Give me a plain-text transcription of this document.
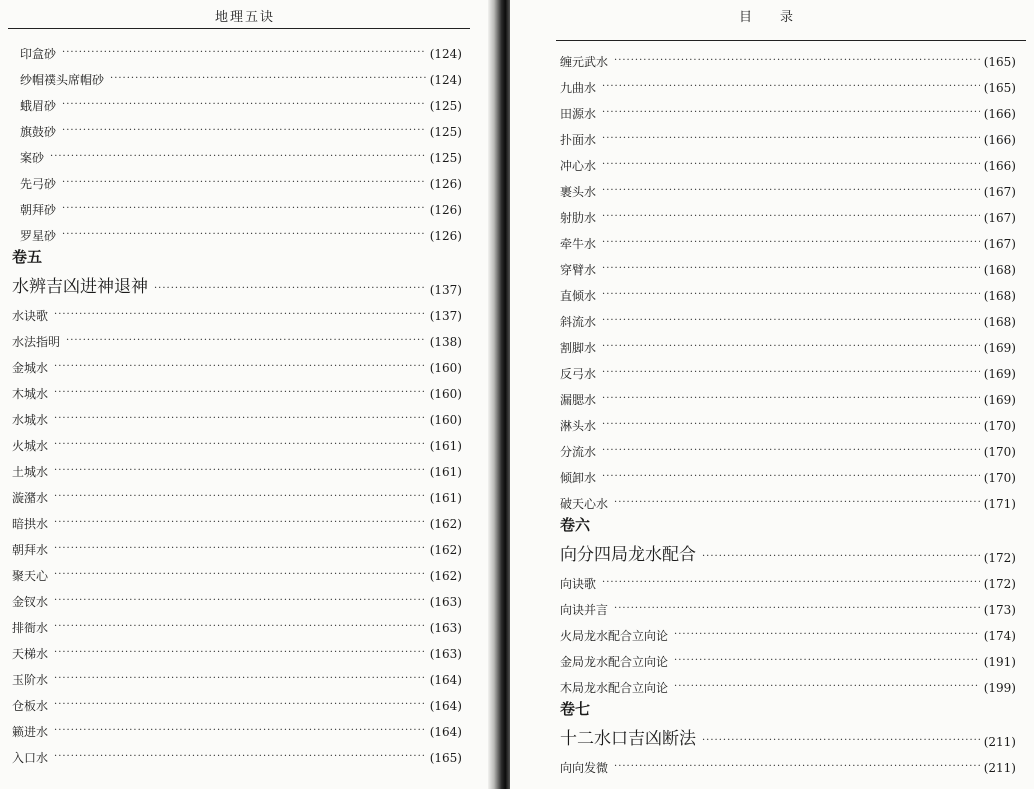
地理五诀
印盒砂 ·····	(124)
纱帽襆头席帽砂 ·····	(124)
蛾眉砂 ·····	(125)
旗鼓砂 ·····	(125)
案砂 ·····	(125)
先弓砂 ·····	(126)
朝拜砂 ·····	(126)
罗星砂 ·····	(126)
卷五
水辨吉凶进神退神 ·····	(137)
水诀歌 ·····	(137)
水法指明 ·····	(138)
金城水 ·····	(160)
木城水 ·····	(160)
水城水 ·····	(160)
火城水 ·····	(161)
土城水 ·····	(161)
漩潴水 ·····	(161)
暗拱水 ·····	(162)
朝拜水 ·····	(162)
聚天心 ·····	(162)
金钗水 ·····	(163)
排衙水 ·····	(163)
天梯水 ·····	(163)
玉阶水 ·····	(164)
仓板水 ·····	(164)
籁进水 ·····	(164)
入口水 ·····	(165)
目录
缠元武水 ·····	(165)
九曲水 ·····	(165)
田源水 ·····	(166)
扑面水 ·····	(166)
冲心水 ·····	(166)
裹头水 ·····	(167)
射肋水 ·····	(167)
牵牛水 ·····	(167)
穿臂水 ·····	(168)
直倾水 ·····	(168)
斜流水 ·····	(168)
割脚水 ·····	(169)
反弓水 ·····	(169)
漏腮水 ·····	(169)
淋头水 ·····	(170)
分流水 ·····	(170)
倾卸水 ·····	(170)
破天心水 ·····	(171)
卷六
向分四局龙水配合 ·····	(172)
向诀歌 ·····	(172)
向诀并言 ·····	(173)
火局龙水配合立向论 ·····	(174)
金局龙水配合立向论 ·····	(191)
木局龙水配合立向论 ·····	(199)
卷七
十二水口吉凶断法 ·····	(211)
向向发微 ·····	(211)
